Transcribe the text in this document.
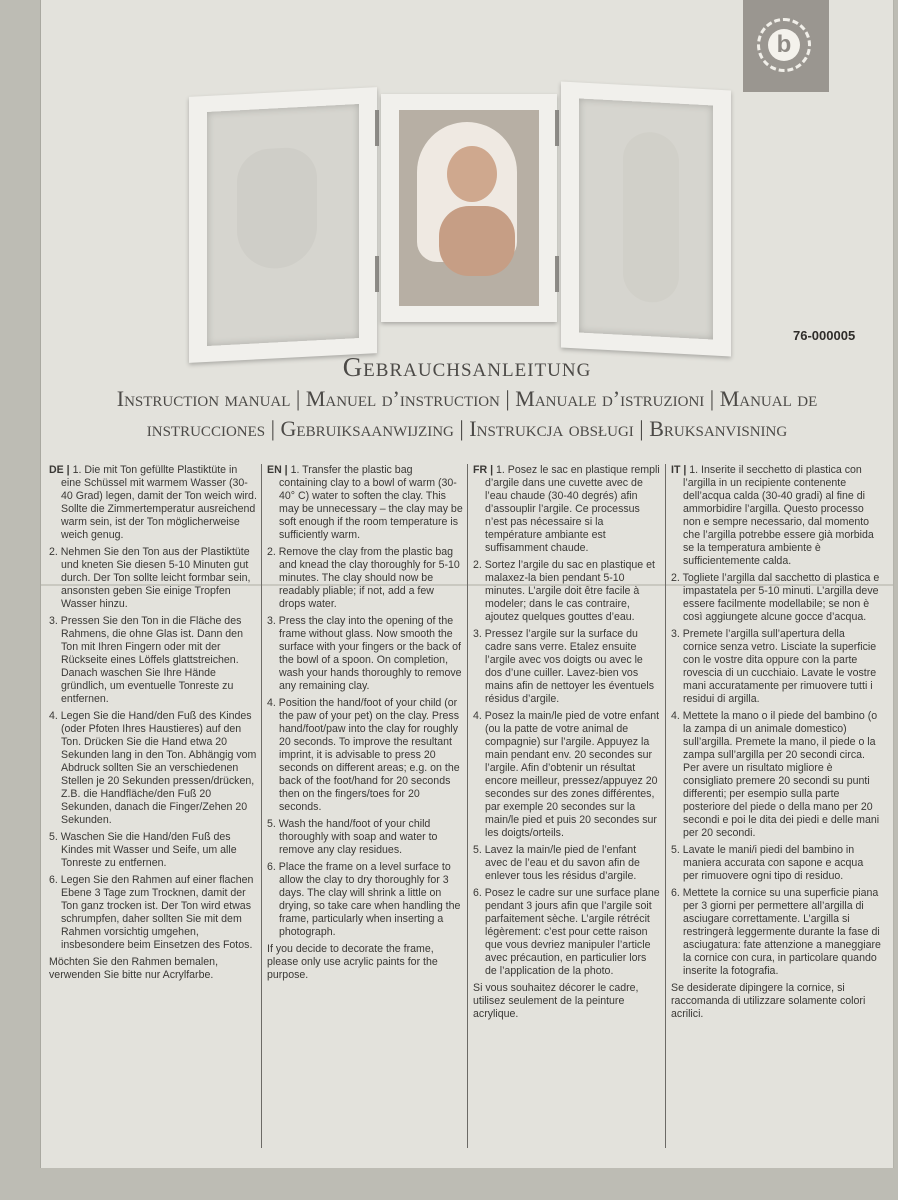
b
76-000005
Gebrauchsanleitung
Instruction manual | Manuel d’instruction | Manuale d’istruzioni | Manual de instrucciones | Gebruiksaanwijzing | Instrukcja obsługi | Bruksanvisning

DE | 1. Die mit Ton gefüllte Plastiktüte in eine Schüssel mit warmem Wasser (30-40 Grad) legen, damit der Ton weich wird. Sollte die Zimmertemperatur ausreichend warm sein, ist der Ton möglicherweise weich genug.

2. Nehmen Sie den Ton aus der Plastiktüte und kneten Sie diesen 5-10 Minuten gut durch. Der Ton sollte leicht formbar sein, ansonsten geben Sie einige Tropfen Wasser hinzu.

3. Pressen Sie den Ton in die Fläche des Rahmens, die ohne Glas ist. Dann den Ton mit Ihren Fingern oder mit der Rückseite eines Löffels glattstreichen. Danach waschen Sie Ihre Hände gründlich, um eventuelle Tonreste zu entfernen.

4. Legen Sie die Hand/den Fuß des Kindes (oder Pfoten Ihres Haustieres) auf den Ton. Drücken Sie die Hand etwa 20 Sekunden lang in den Ton. Abhängig vom Abdruck sollten Sie an verschiedenen Stellen je 20 Sekunden pressen/drücken, Z.B. die Handfläche/den Fuß 20 Sekunden, danach die Finger/Zehen 20 Sekunden.

5. Waschen Sie die Hand/den Fuß des Kindes mit Wasser und Seife, um alle Tonreste zu entfernen.

6. Legen Sie den Rahmen auf einer flachen Ebene 3 Tage zum Trocknen, damit der Ton ganz trocken ist. Der Ton wird etwas schrumpfen, daher sollten Sie mit dem Rahmen vorsichtig umgehen, insbesondere beim Einsetzen des Fotos.

Möchten Sie den Rahmen bemalen, verwenden Sie bitte nur Acrylfarbe.

EN | 1. Transfer the plastic bag containing clay to a bowl of warm (30-40° C) water to soften the clay. This may be unnecessary – the clay may be soft enough if the room temperature is sufficiently warm.

2. Remove the clay from the plastic bag and knead the clay thoroughly for 5-10 minutes. The clay should now be readably pliable; if not, add a few drops water.

3. Press the clay into the opening of the frame without glass. Now smooth the surface with your fingers or the back of the bowl of a spoon. On completion, wash your hands thoroughly to remove any remaining clay.

4. Position the hand/foot of your child (or the paw of your pet) on the clay. Press hand/foot/paw into the clay for roughly 20 seconds. To improve the resultant imprint, it is advisable to press 20 seconds on different areas; e.g. on the back of the foot/hand for 20 seconds then on the fingers/toes for 20 seconds.

5. Wash the hand/foot of your child thoroughly with soap and water to remove any clay residues.

6. Place the frame on a level surface to allow the clay to dry thoroughly for 3 days. The clay will shrink a little on drying, so take care when handling the frame, particularly when inserting a photograph.

If you decide to decorate the frame, please only use acrylic paints for the purpose.

FR | 1. Posez le sac en plastique rempli d’argile dans une cuvette avec de l’eau chaude (30-40 degrés) afin d’assouplir l’argile. Ce processus n’est pas nécessaire si la température ambiante est suffisamment chaude.

2. Sortez l’argile du sac en plastique et malaxez-la bien pendant 5-10 minutes. L’argile doit être facile à modeler; dans le cas contraire, ajoutez quelques gouttes d’eau.

3. Pressez l’argile sur la surface du cadre sans verre. Etalez ensuite l’argile avec vos doigts ou avec le dos d’une cuiller. Lavez-bien vos mains afin de nettoyer les éventuels résidus d’argile.

4. Posez la main/le pied de votre enfant (ou la patte de votre animal de compagnie) sur l’argile. Appuyez la main pendant env. 20 secondes sur l’argile. Afin d’obtenir un résultat encore meilleur, pressez/appuyez 20 secondes sur des zones différentes, par exemple 20 secondes sur la main/le pied et puis 20 secondes sur les doigts/orteils.

5. Lavez la main/le pied de l’enfant avec de l’eau et du savon afin de enlever tous les résidus d’argile.

6. Posez le cadre sur une surface plane pendant 3 jours afin que l’argile soit parfaitement sèche. L’argile rétrécit légèrement: c’est pour cette raison que vous devriez manipuler l’article avec précaution, en particulier lors de l’application de la photo.

Si vous souhaitez décorer le cadre, utilisez seulement de la peinture acrylique.

IT | 1. Inserite il secchetto di plastica con l’argilla in un recipiente contenente dell’acqua calda (30-40 gradi) al fine di ammorbidire l’argilla. Questo processo non e sempre necessario, dal momento che l’argilla potrebbe essere già morbida se la temperatura ambiente è sufficientemente calda.

2. Togliete l’argilla dal sacchetto di plastica e impastatela per 5-10 minuti. L’argilla deve essere facilmente modellabile; se non è così aggiungete alcune gocce d’acqua.

3. Premete l’argilla sull’apertura della cornice senza vetro. Lisciate la superficie con le vostre dita oppure con la parte rovescia di un cucchiaio. Lavate le vostre mani accuratamente per rimuovere tutti i residui di argilla.

4. Mettete la mano o il piede del bambino (o la zampa di un animale domestico) sull’argilla. Premete la mano, il piede o la zampa sull’argilla per 20 secondi circa. Per avere un risultato migliore è consigliato premere 20 secondi su punti differenti; per esempio sulla parte posteriore del piede o della mano per 20 secondi e poi le dita dei piedi e delle mani per 20 secondi.

5. Lavate le mani/i piedi del bambino in maniera accurata con sapone e acqua per rimuovere ogni tipo di residuo.

6. Mettete la cornice su una superficie piana per 3 giorni per permettere all’argilla di asciugare correttamente. L’argilla si restringerà leggermente durante la fase di asciugatura: fate attenzione a maneggiare la cornice con cura, in particolare quando inserite la fotografia.

Se desiderate dipingere la cornice, si raccomanda di utilizzare solamente colori acrilici.
